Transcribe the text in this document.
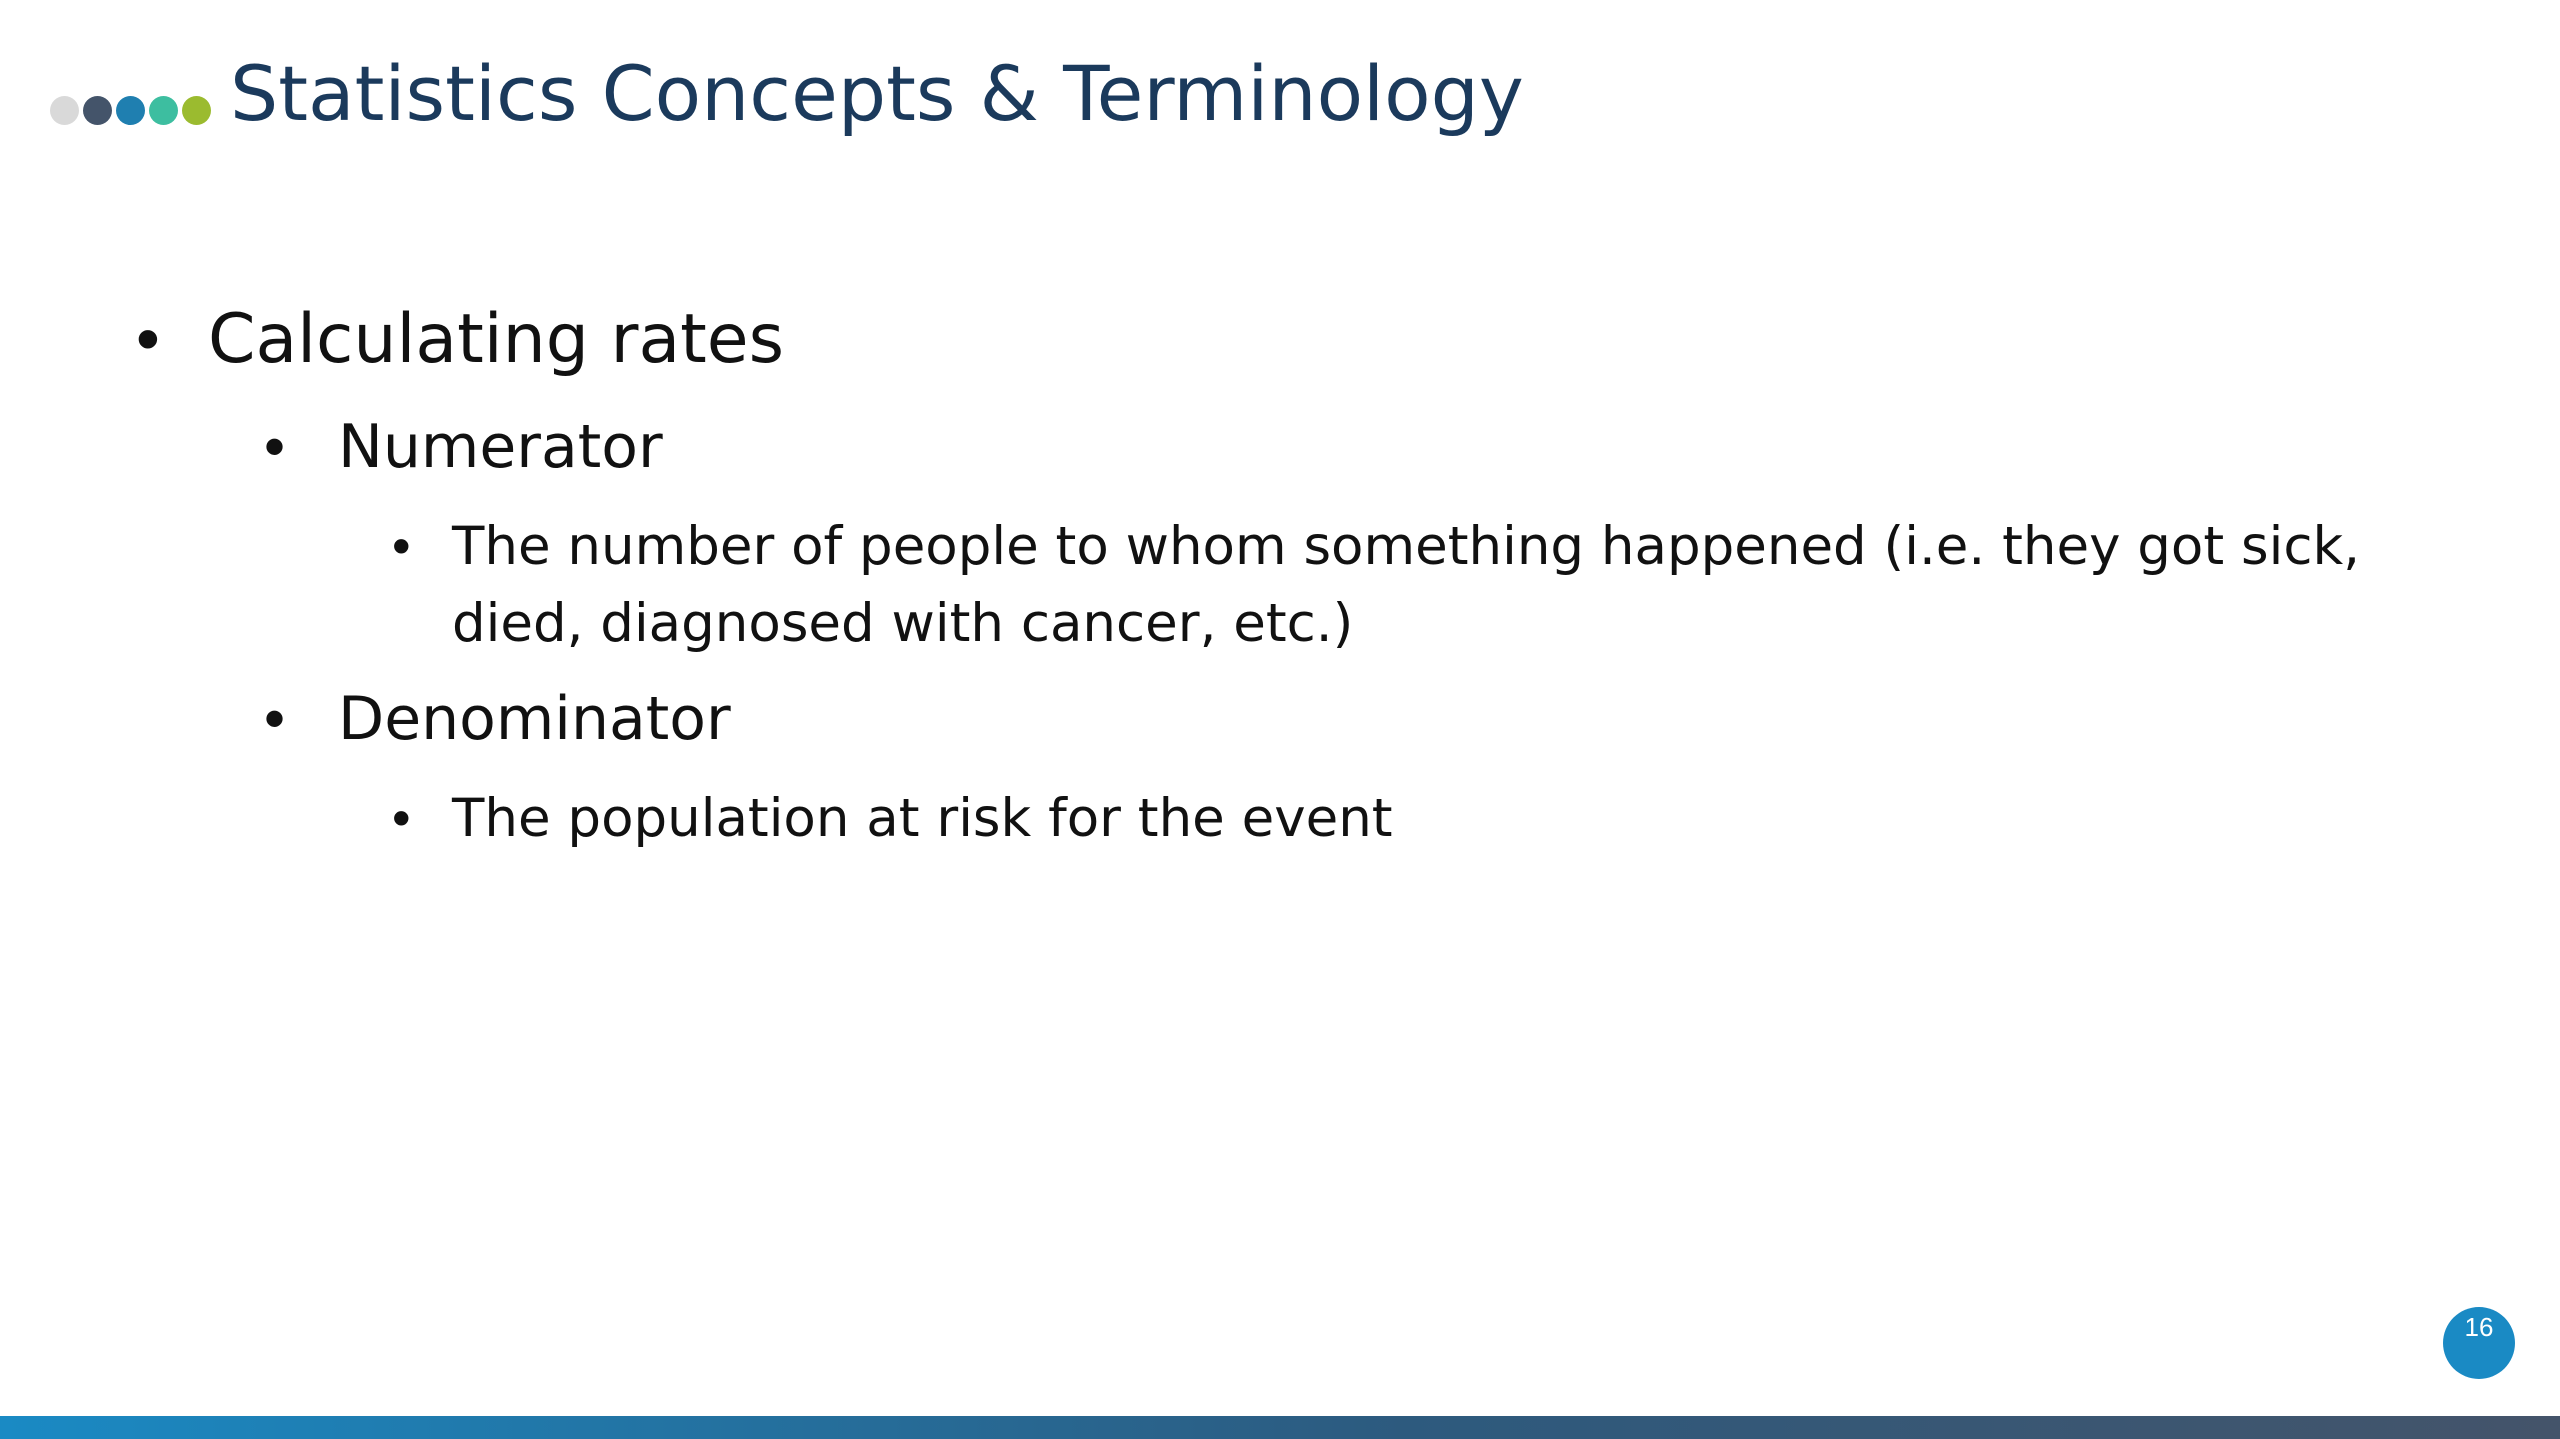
Statistics Concepts & Terminology
• Calculating rates

• Numerator

• The number of people to whom something happened (i.e. they got sick,

died, diagnosed with cancer, etc.)

• Denominator

• The population at risk for the event

16
